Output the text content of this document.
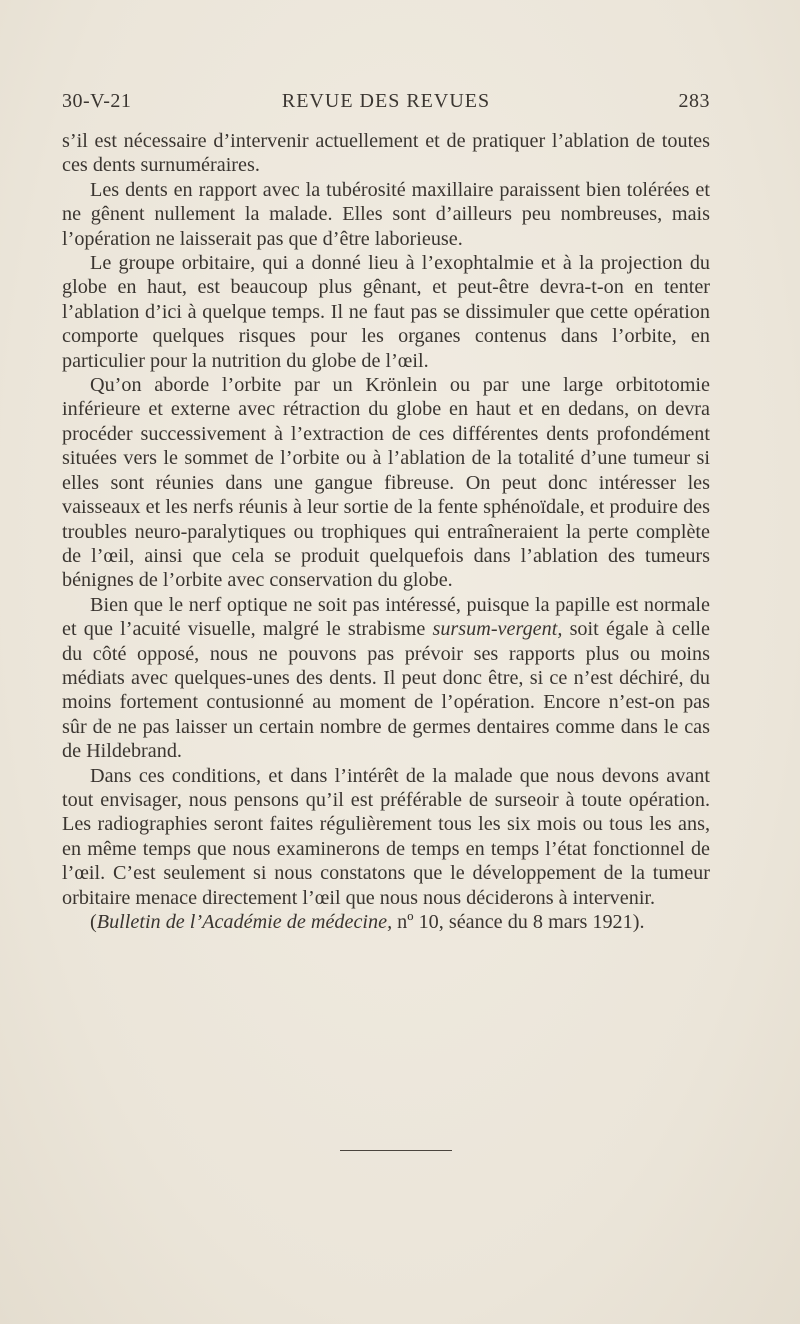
30-V-21	REVUE DES REVUES	283

s’il est nécessaire d’intervenir actuellement et de pratiquer l’ablation de toutes ces dents surnuméraires.

Les dents en rapport avec la tubérosité maxillaire paraissent bien tolérées et ne gênent nullement la malade. Elles sont d’ailleurs peu nombreuses, mais l’opération ne laisserait pas que d’être laborieuse.

Le groupe orbitaire, qui a donné lieu à l’exophtalmie et à la projection du globe en haut, est beaucoup plus gênant, et peut-être devra-t-on en tenter l’ablation d’ici à quelque temps. Il ne faut pas se dissimuler que cette opération comporte quelques risques pour les organes contenus dans l’orbite, en particulier pour la nutrition du globe de l’œil.

Qu’on aborde l’orbite par un Krönlein ou par une large orbitotomie inférieure et externe avec rétraction du globe en haut et en dedans, on devra procéder successivement à l’extraction de ces différentes dents profondément situées vers le sommet de l’orbite ou à l’ablation de la totalité d’une tumeur si elles sont réunies dans une gangue fibreuse. On peut donc intéresser les vaisseaux et les nerfs réunis à leur sortie de la fente sphénoïdale, et produire des troubles neuro-paralytiques ou trophiques qui entraîneraient la perte complète de l’œil, ainsi que cela se produit quelquefois dans l’ablation des tumeurs bénignes de l’orbite avec conservation du globe.

Bien que le nerf optique ne soit pas intéressé, puisque la papille est normale et que l’acuité visuelle, malgré le strabisme sursum-vergent, soit égale à celle du côté opposé, nous ne pouvons pas prévoir ses rapports plus ou moins médiats avec quelques-unes des dents. Il peut donc être, si ce n’est déchiré, du moins fortement contusionné au moment de l’opération. Encore n’est-on pas sûr de ne pas laisser un certain nombre de germes dentaires comme dans le cas de Hildebrand.

Dans ces conditions, et dans l’intérêt de la malade que nous devons avant tout envisager, nous pensons qu’il est préférable de surseoir à toute opération. Les radiographies seront faites régulièrement tous les six mois ou tous les ans, en même temps que nous examinerons de temps en temps l’état fonctionnel de l’œil. C’est seulement si nous constatons que le développement de la tumeur orbitaire menace directement l’œil que nous nous déciderons à intervenir.

(Bulletin de l’Académie de médecine, nº 10, séance du 8 mars 1921).
